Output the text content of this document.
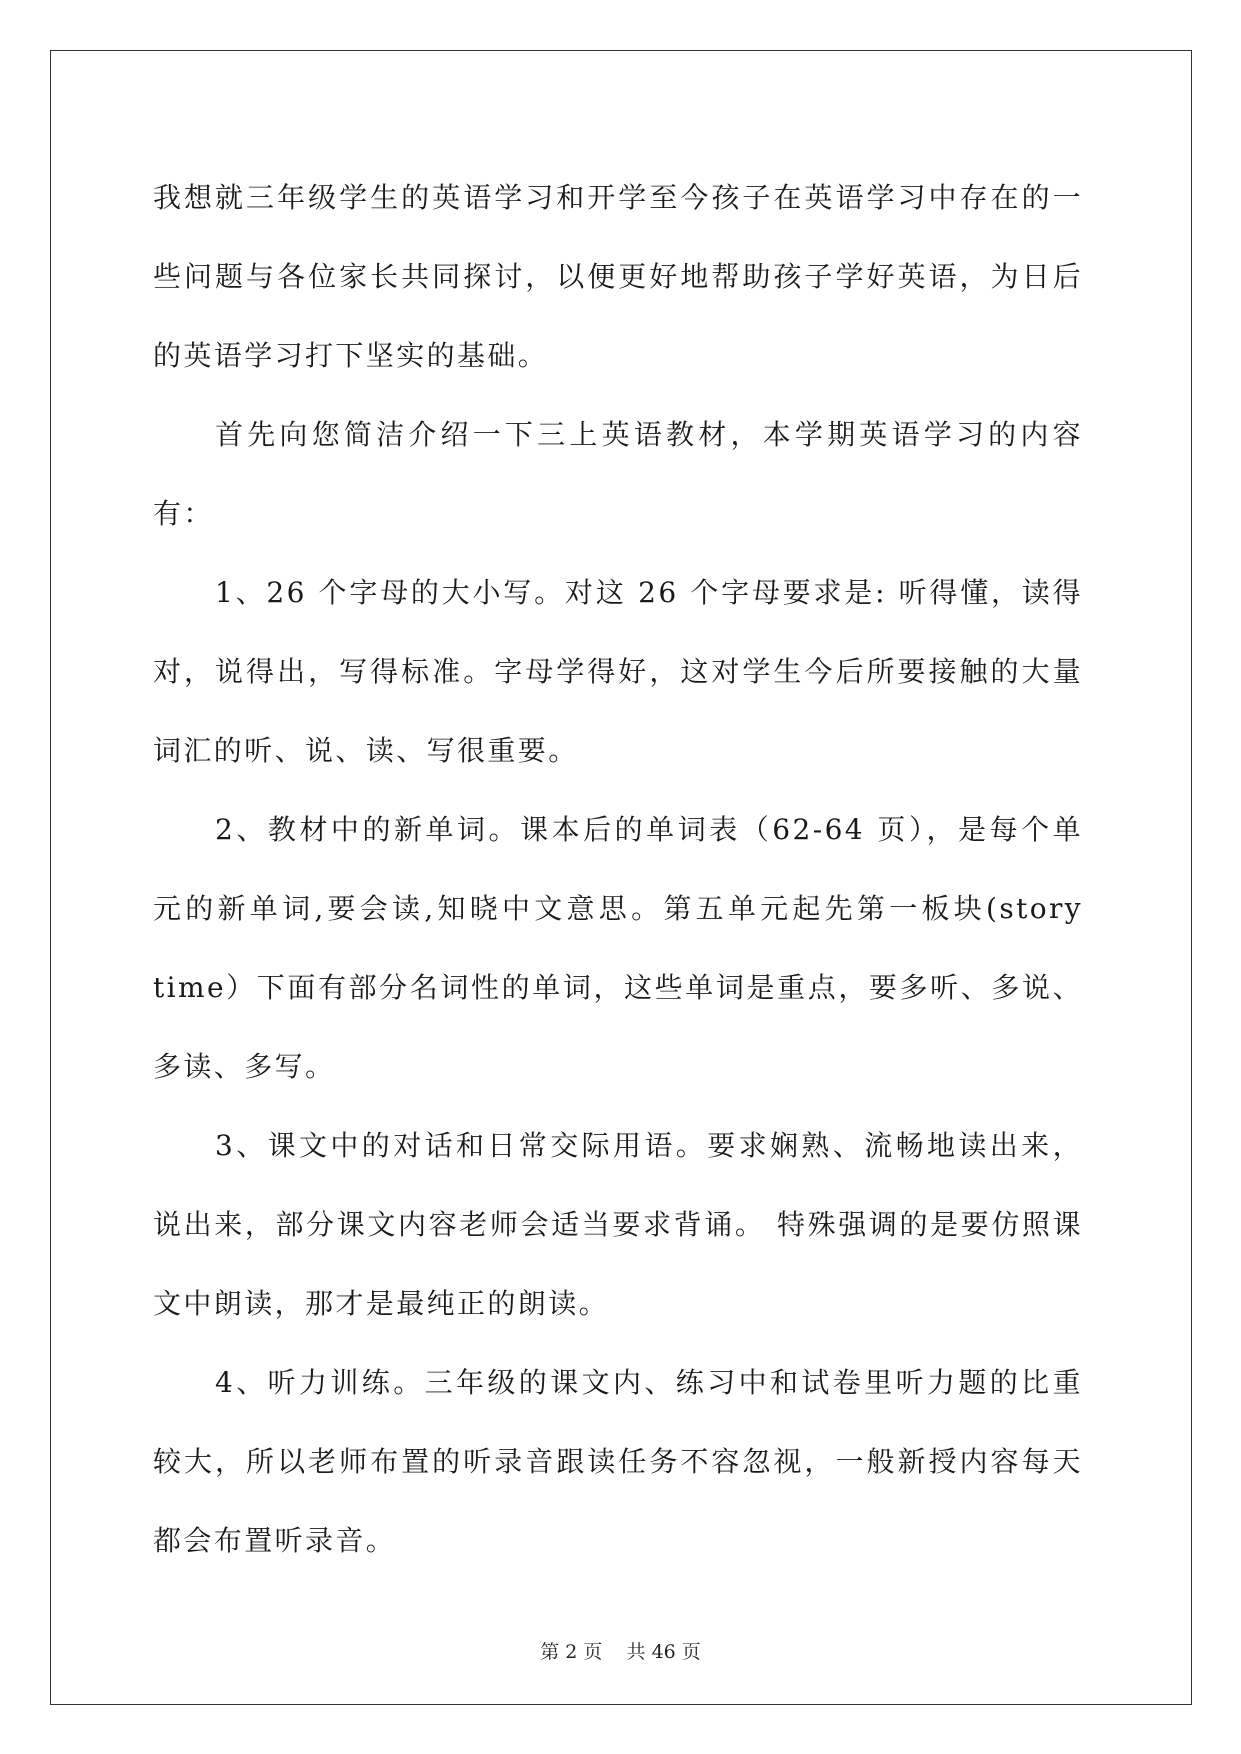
我想就三年级学生的英语学习和开学至今孩子在英语学习中存在的一些问题与各位家长共同探讨，以便更好地帮助孩子学好英语，为日后的英语学习打下坚实的基础。

首先向您简洁介绍一下三上英语教材，本学期英语学习的内容有：

1、26 个字母的大小写。对这 26 个字母要求是: 听得懂，读得对，说得出，写得标准。字母学得好，这对学生今后所要接触的大量词汇的听、说、读、写很重要。

2、教材中的新单词。课本后的单词表（62-64 页），是每个单元的新单词,要会读,知晓中文意思。第五单元起先第一板块(story time）下面有部分名词性的单词，这些单词是重点，要多听、多说、多读、多写。

3、课文中的对话和日常交际用语。要求娴熟、流畅地读出来，说出来，部分课文内容老师会适当要求背诵。 特殊强调的是要仿照课文中朗读，那才是最纯正的朗读。

4、听力训练。三年级的课文内、练习中和试卷里听力题的比重较大，所以老师布置的听录音跟读任务不容忽视，一般新授内容每天都会布置听录音。

第 2 页    共 46 页
